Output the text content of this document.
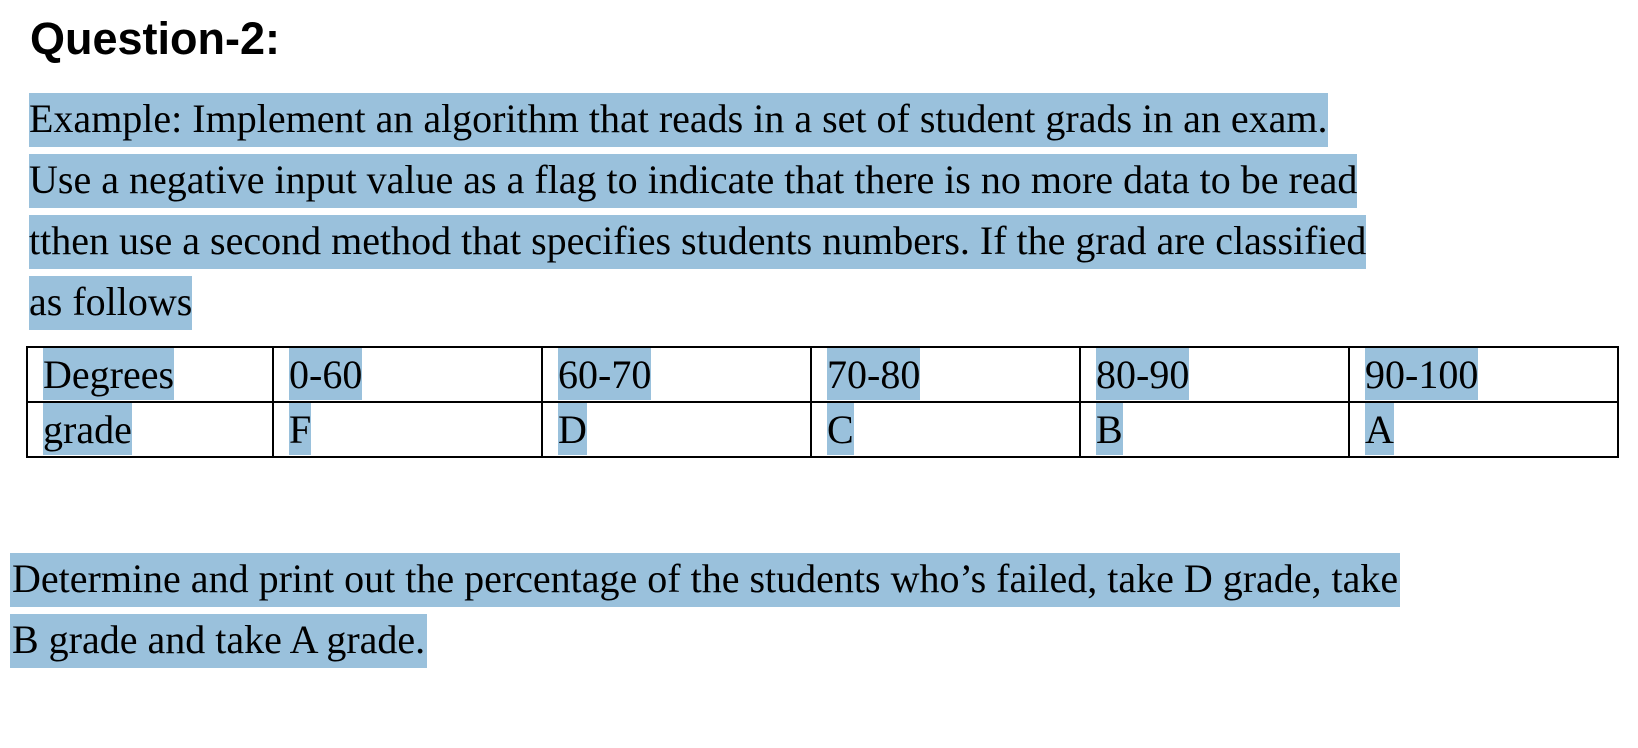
Question-2:

Example: Implement an algorithm that reads in a set of student grads in an exam.
Use a negative input value as a flag to indicate that there is no more data to be read
tthen use a second method that specifies students numbers. If the grad are classified
as follows

Degrees	0-60	60-70	70-80	80-90	90-100
grade	F	D	C	B	A

Determine and print out the percentage of the students who’s failed, take D grade, take
B grade and take A grade.
